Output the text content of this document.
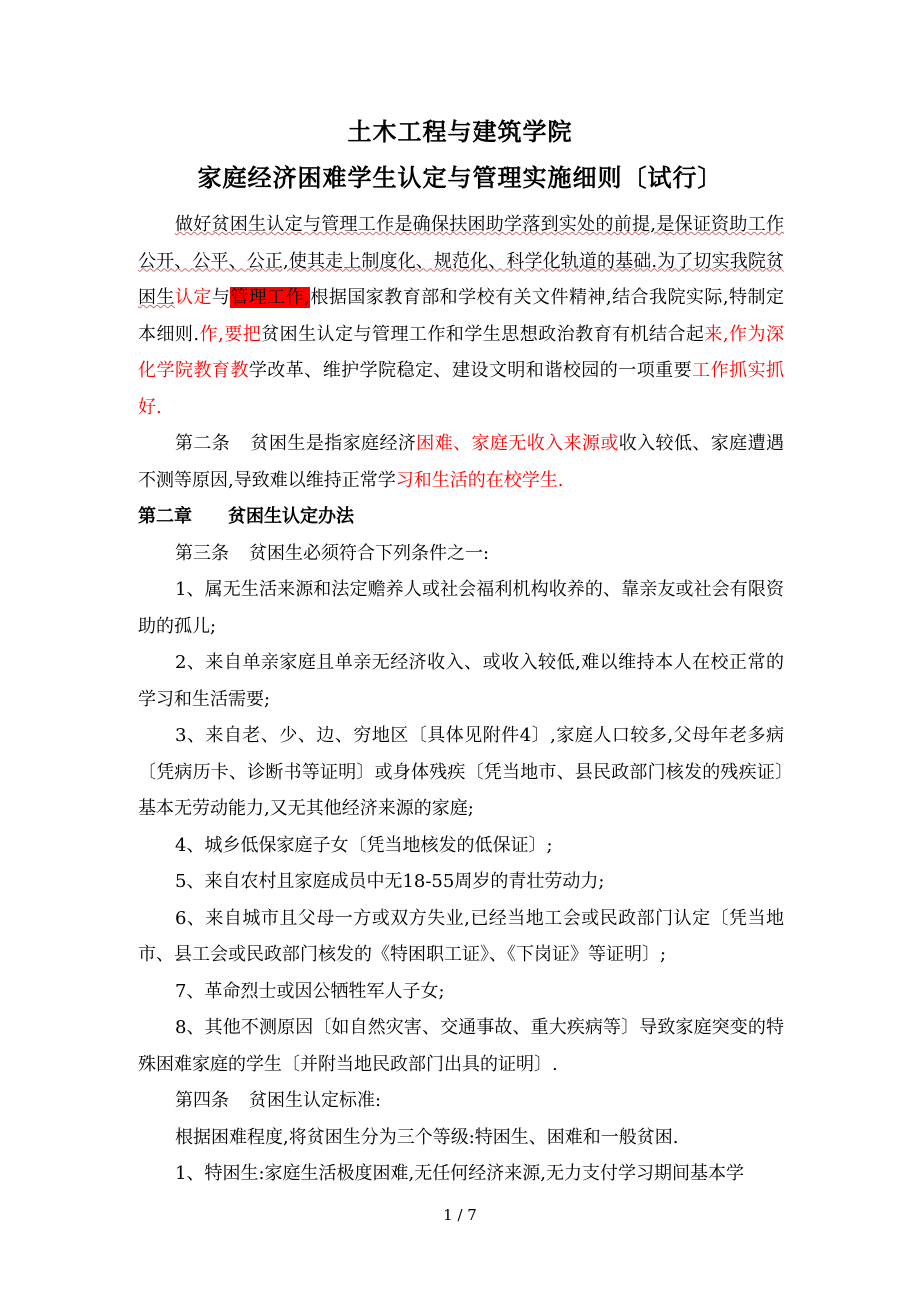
土木工程与建筑学院
家庭经济困难学生认定与管理实施细则〔试行〕

做好贫困生认定与管理工作是确保扶困助学落到实处的前提,是保证资助工作公开、公平、公正,使其走上制度化、规范化、科学化轨道的基础.为了切实我院贫困生认定与管理工作,根据国家教育部和学校有关文件精神,结合我院实际,特制定本细则.作,要把贫困生认定与管理工作和学生思想政治教育有机结合起来,作为深化学院教育教学改革、维护学院稳定、建设文明和谐校园的一项重要工作抓实抓好.

第二条 贫困生是指家庭经济困难、家庭无收入来源或收入较低、家庭遭遇不测等原因,导致难以维持正常学习和生活的在校学生.

第二章 贫困生认定办法

第三条 贫困生必须符合下列条件之一:

1、属无生活来源和法定赡养人或社会福利机构收养的、靠亲友或社会有限资助的孤儿;

2、来自单亲家庭且单亲无经济收入、或收入较低,难以维持本人在校正常的学习和生活需要;

3、来自老、少、边、穷地区〔具体见附件4〕,家庭人口较多,父母年老多病〔凭病历卡、诊断书等证明〕或身体残疾〔凭当地市、县民政部门核发的残疾证〕基本无劳动能力,又无其他经济来源的家庭;

4、城乡低保家庭子女〔凭当地核发的低保证〕;

5、来自农村且家庭成员中无18-55周岁的青壮劳动力;

6、来自城市且父母一方或双方失业,已经当地工会或民政部门认定〔凭当地市、县工会或民政部门核发的《特困职工证》、《下岗证》等证明〕;

7、革命烈士或因公牺牲军人子女;

8、其他不测原因〔如自然灾害、交通事故、重大疾病等〕导致家庭突变的特殊困难家庭的学生〔并附当地民政部门出具的证明〕.

第四条 贫困生认定标准:

根据困难程度,将贫困生分为三个等级:特困生、困难和一般贫困.

1、特困生:家庭生活极度困难,无任何经济来源,无力支付学习期间基本学

1 / 7
